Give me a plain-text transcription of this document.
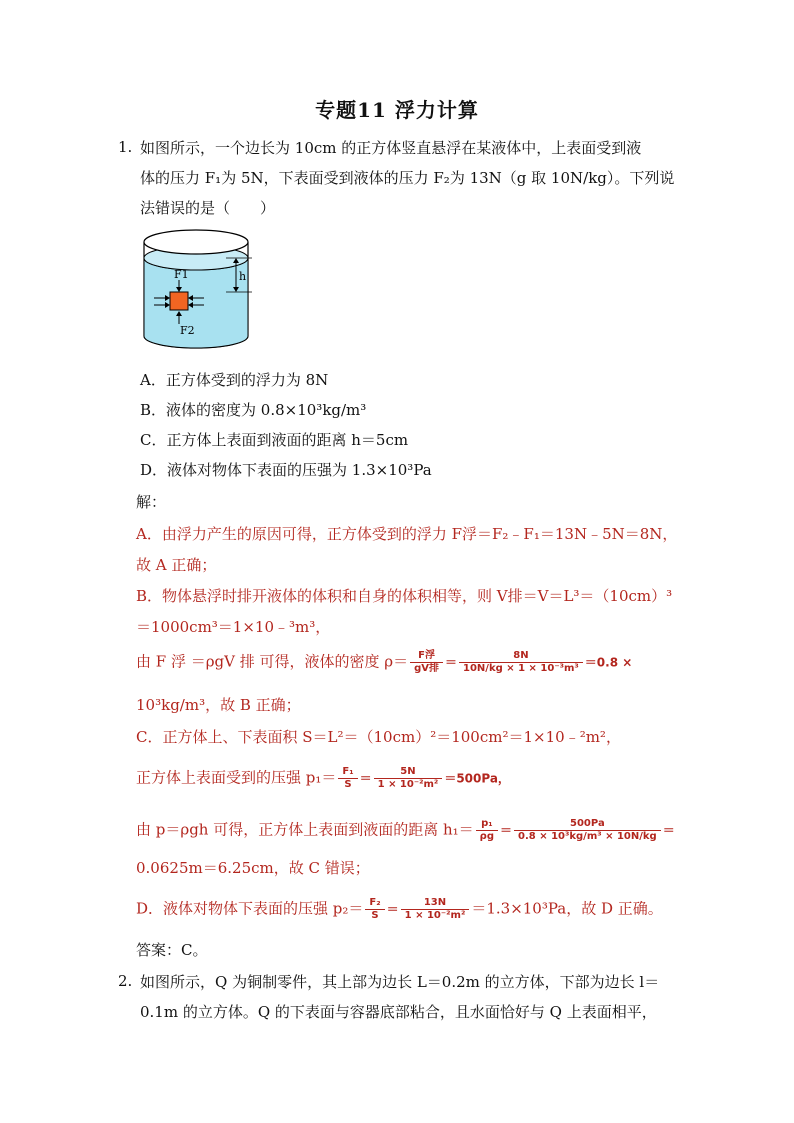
专题11 浮力计算
1. 如图所示，一个边长为 10cm 的正方体竖直悬浮在某液体中，上表面受到液
体的压力 F₁为 5N，下表面受到液体的压力 F₂为 13N（g 取 10N/kg）。下列说
法错误的是（　　）
h
F1
F2
A．正方体受到的浮力为 8N
B．液体的密度为 0.8×10³kg/m³
C．正方体上表面到液面的距离 h＝5cm
D．液体对物体下表面的压强为 1.3×10³Pa
解：
A．由浮力产生的原因可得，正方体受到的浮力 F浮＝F₂﹣F₁＝13N﹣5N＝8N，
故 A 正确；
B．物体悬浮时排开液体的体积和自身的体积相等，则 V排＝V＝L³＝（10cm）³
＝1000cm³＝1×10﹣³m³，
由 F 浮 ＝ρgV 排 可得，液体的密度 $\rho= \frac{\text{F浮}}{\text{gV排}} = \frac{8N}{\text{10N/kg × 1 × 10⁻³m³}} =0.8$ ×
10³kg/m³，故 B 正确；
C．正方体上、下表面积 S＝L²＝（10cm）²＝100cm²＝1×10﹣²m²，
正方体上表面受到的压强 $p_1= \frac{\text{F₁}}{S} = \frac{5N}{\text{1 × 10⁻²m²}} =500Pa$，
由 p＝ρgh 可得，正方体上表面到液面的距离 $h_1= \frac{\text{p₁}}{\rho g} = \frac{500Pa}{\text{0.8 × 10³kg/m³ × 10N/kg}}$ ＝
0.0625m＝6.25cm，故 C 错误；
D．液体对物体下表面的压强 $p_2= \frac{\text{F₂}}{S} = \frac{13N}{\text{1 × 10⁻²m²}} =1.3\times 10^3Pa$，故 D 正确。
答案：C。
2. 如图所示，Q 为铜制零件，其上部为边长 L＝0.2m 的立方体，下部为边长 l＝
0.1m 的立方体。Q 的下表面与容器底部粘合，且水面恰好与 Q 上表面相平，
